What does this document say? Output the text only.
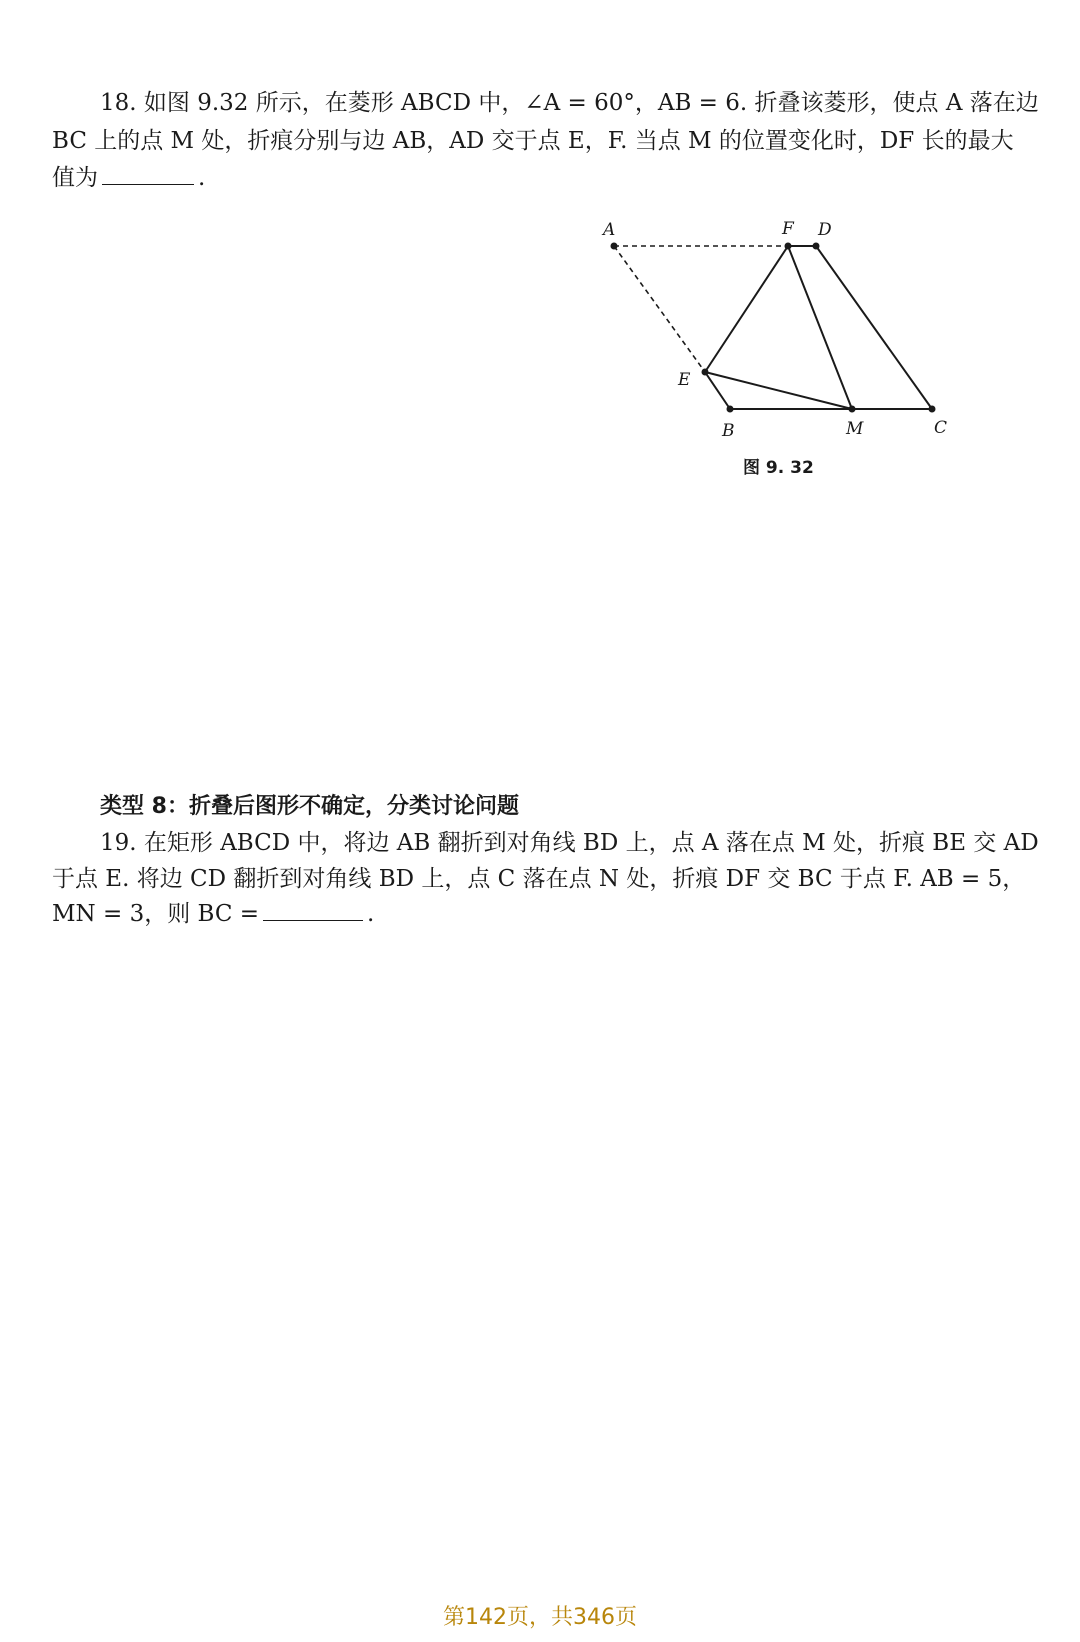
18. 如图 9.32 所示，在菱形 ABCD 中，∠A = 60°，AB = 6. 折叠该菱形，使点 A 落在边
BC 上的点 M 处，折痕分别与边 AB，AD 交于点 E，F. 当点 M 的位置变化时，DF 长的最大
值为	.
A	F D
E
B	M	C
图 9. 32
类型 8：折叠后图形不确定，分类讨论问题
19. 在矩形 ABCD 中，将边 AB 翻折到对角线 BD 上，点 A 落在点 M 处，折痕 BE 交 AD
于点 E. 将边 CD 翻折到对角线 BD 上，点 C 落在点 N 处，折痕 DF 交 BC 于点 F. AB = 5，
MN = 3，则 BC =	.
第142页，共346页
